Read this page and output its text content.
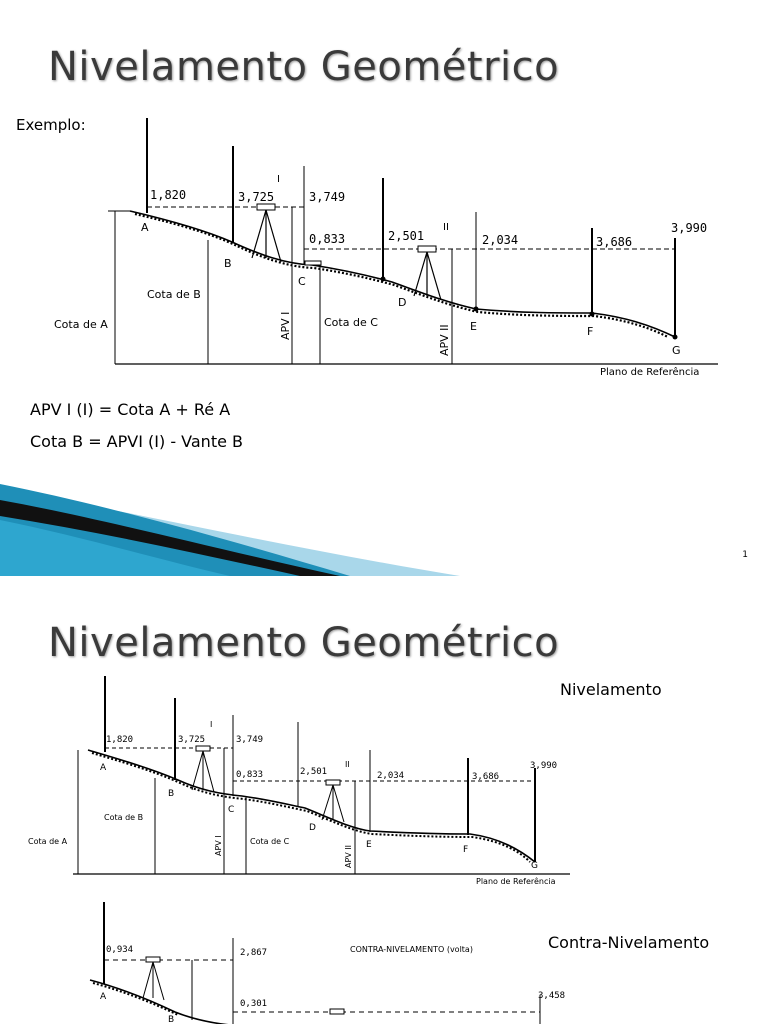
Nivelamento Geométrico
Exemplo:
1,820	3,725	3,749
0,833	2,501	2,034	3,686
3,990
I
II
A
B
C
D
E	F
G
Cota de A
Cota de B
Cota de C
APV I	APV II
Plano de Referência
APV I (I) = Cota A + Ré A
Cota B = APVI (I) - Vante B
1
Nivelamento Geométrico
Nivelamento
Contra-Nivelamento
1,820	3,725	3,749
0,833	2,501	2,034	3,686
3,990
I
II
A
B
C
D
E	F
G
Cota de A
Cota de B
Cota de C
APV I	APV II
Plano de Referência
0,934	2,867
0,301
3,458
CONTRA-NIVELAMENTO (volta)
A
B
